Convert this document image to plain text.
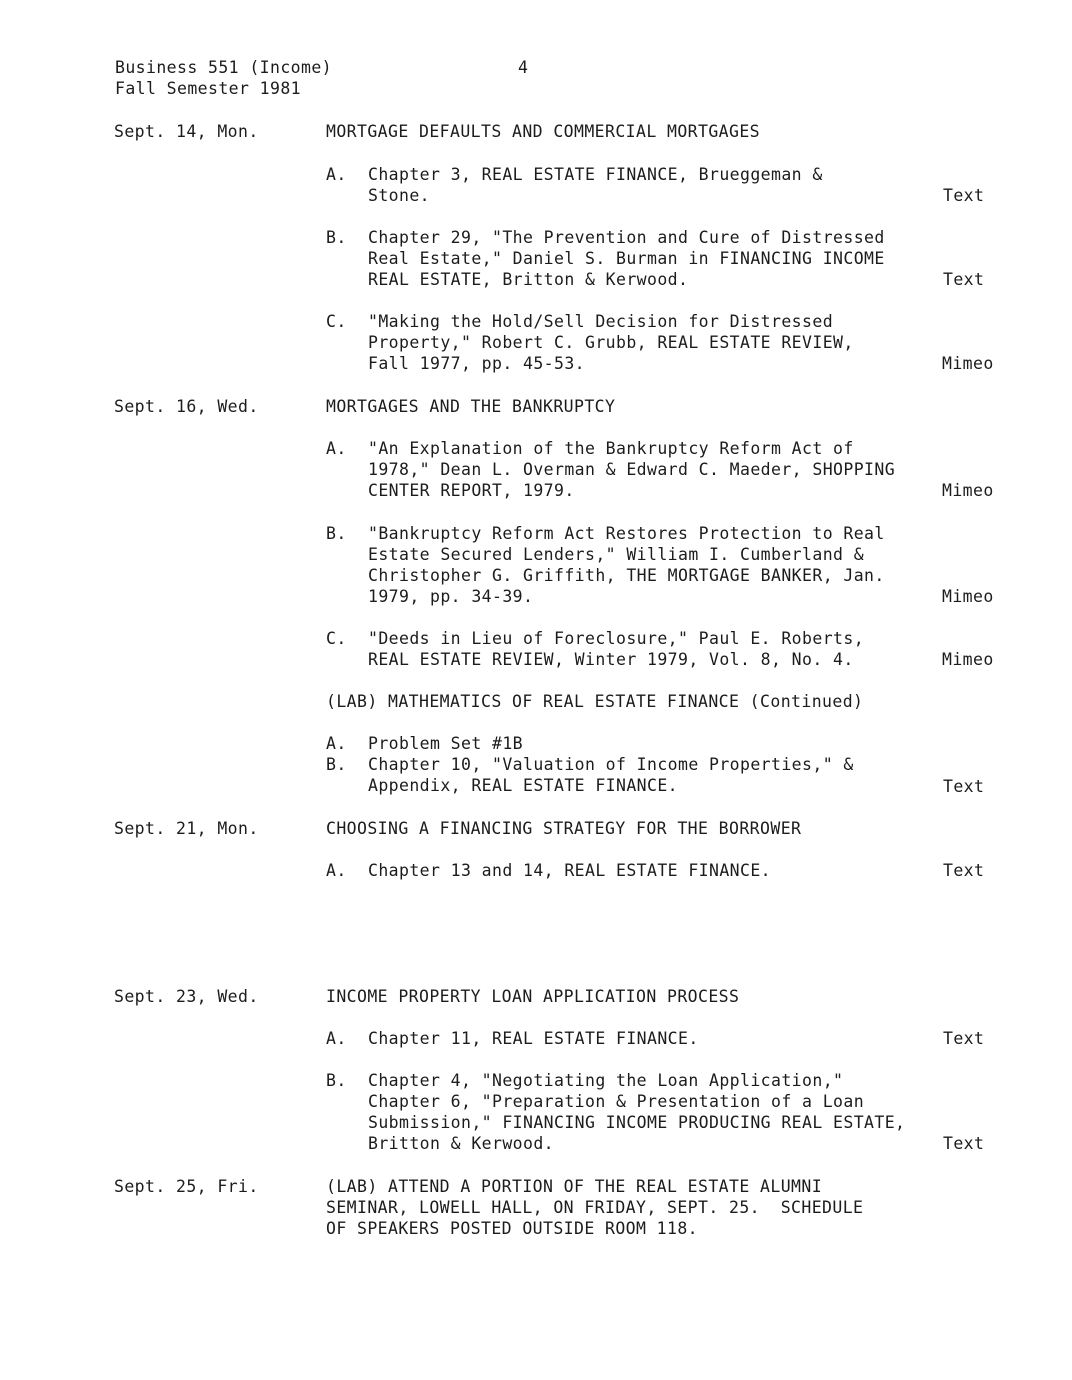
Business 551 (Income)	4
Fall Semester 1981
Sept. 14, Mon.	MORTGAGE DEFAULTS AND COMMERCIAL MORTGAGES
A. Chapter 3, REAL ESTATE FINANCE, Brueggeman &
Stone.	Text
B. Chapter 29, "The Prevention and Cure of Distressed
Real Estate," Daniel S. Burman in FINANCING INCOME
REAL ESTATE, Britton & Kerwood.	Text
C. "Making the Hold/Sell Decision for Distressed
Property," Robert C. Grubb, REAL ESTATE REVIEW,
Fall 1977, pp. 45-53.	Mimeo
Sept. 16, Wed.	MORTGAGES AND THE BANKRUPTCY
A. "An Explanation of the Bankruptcy Reform Act of
1978," Dean L. Overman & Edward C. Maeder, SHOPPING
CENTER REPORT, 1979.	Mimeo
B. "Bankruptcy Reform Act Restores Protection to Real
Estate Secured Lenders," William I. Cumberland &
Christopher G. Griffith, THE MORTGAGE BANKER, Jan.
1979, pp. 34-39.	Mimeo
C. "Deeds in Lieu of Foreclosure," Paul E. Roberts,
REAL ESTATE REVIEW, Winter 1979, Vol. 8, No. 4.	Mimeo
(LAB) MATHEMATICS OF REAL ESTATE FINANCE (Continued)
A. Problem Set #1B
B. Chapter 10, "Valuation of Income Properties," &
Appendix, REAL ESTATE FINANCE.	Text
Sept. 21, Mon.	CHOOSING A FINANCING STRATEGY FOR THE BORROWER
A. Chapter 13 and 14, REAL ESTATE FINANCE.	Text
Sept. 23, Wed.	INCOME PROPERTY LOAN APPLICATION PROCESS
A. Chapter 11, REAL ESTATE FINANCE.	Text
B. Chapter 4, "Negotiating the Loan Application,"
Chapter 6, "Preparation & Presentation of a Loan
Submission," FINANCING INCOME PRODUCING REAL ESTATE,
Britton & Kerwood.	Text
Sept. 25, Fri.	(LAB) ATTEND A PORTION OF THE REAL ESTATE ALUMNI
SEMINAR, LOWELL HALL, ON FRIDAY, SEPT. 25.  SCHEDULE
OF SPEAKERS POSTED OUTSIDE ROOM 118.
